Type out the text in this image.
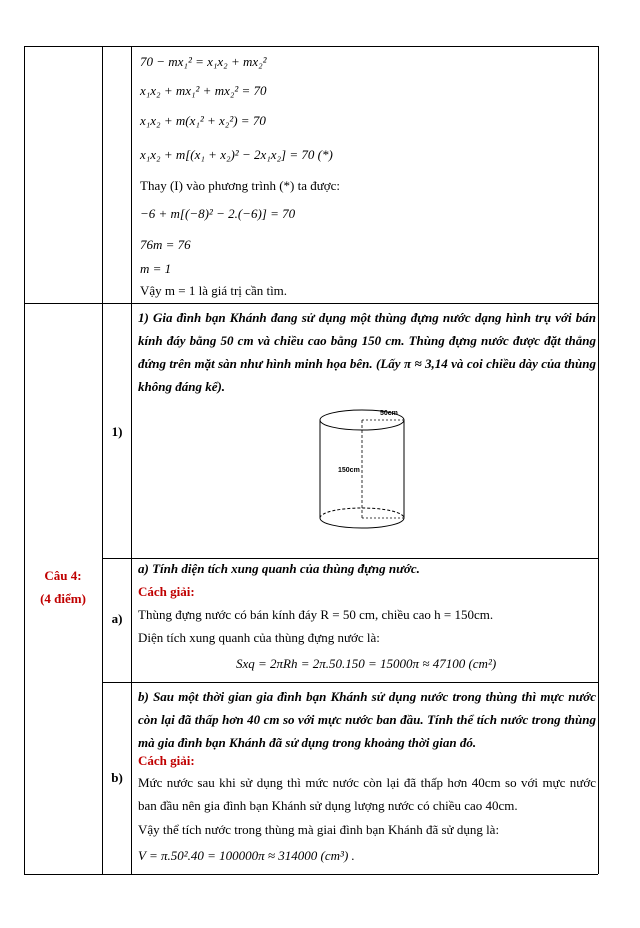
70 − mx₁² = x₁x₂ + mx₂²
x₁x₂ + mx₁² + mx₂² = 70
x₁x₂ + m(x₁² + x₂²) = 70
x₁x₂ + m[(x₁ + x₂)² − 2x₁x₂] = 70 (*)
Thay (I) vào phương trình (*) ta được:
−6 + m[(−8)² − 2.(−6)] = 70
76m = 76
m = 1
Vậy m = 1 là giá trị cần tìm.
Câu 4:
(4 điểm)
1)
1) Gia đình bạn Khánh đang sử dụng một thùng đựng nước dạng hình trụ với bán kính đáy bằng 50 cm và chiều cao bằng 150 cm. Thùng đựng nước được đặt thẳng đứng trên mặt sàn như hình minh họa bên. (Lấy π ≈ 3,14 và coi chiều dày của thùng không đáng kể).
50cm
150cm
a)
a) Tính diện tích xung quanh của thùng đựng nước.
Cách giải:
Thùng đựng nước có bán kính đáy R = 50 cm, chiều cao h = 150cm.
Diện tích xung quanh của thùng đựng nước là:
Sxq = 2πRh = 2π.50.150 = 15000π ≈ 47100 (cm²)
b)
b) Sau một thời gian gia đình bạn Khánh sử dụng nước trong thùng thì mực nước còn lại đã thấp hơn 40 cm so với mực nước ban đầu. Tính thể tích nước trong thùng mà gia đình bạn Khánh đã sử dụng trong khoảng thời gian đó.
Cách giải:
Mức nước sau khi sử dụng thì mức nước còn lại đã thấp hơn 40cm so với mực nước ban đầu nên gia đình bạn Khánh sử dụng lượng nước có chiều cao 40cm.
Vậy thể tích nước trong thùng mà giai đình bạn Khánh đã sử dụng là:
V = π.50².40 = 100000π ≈ 314000 (cm³) .
